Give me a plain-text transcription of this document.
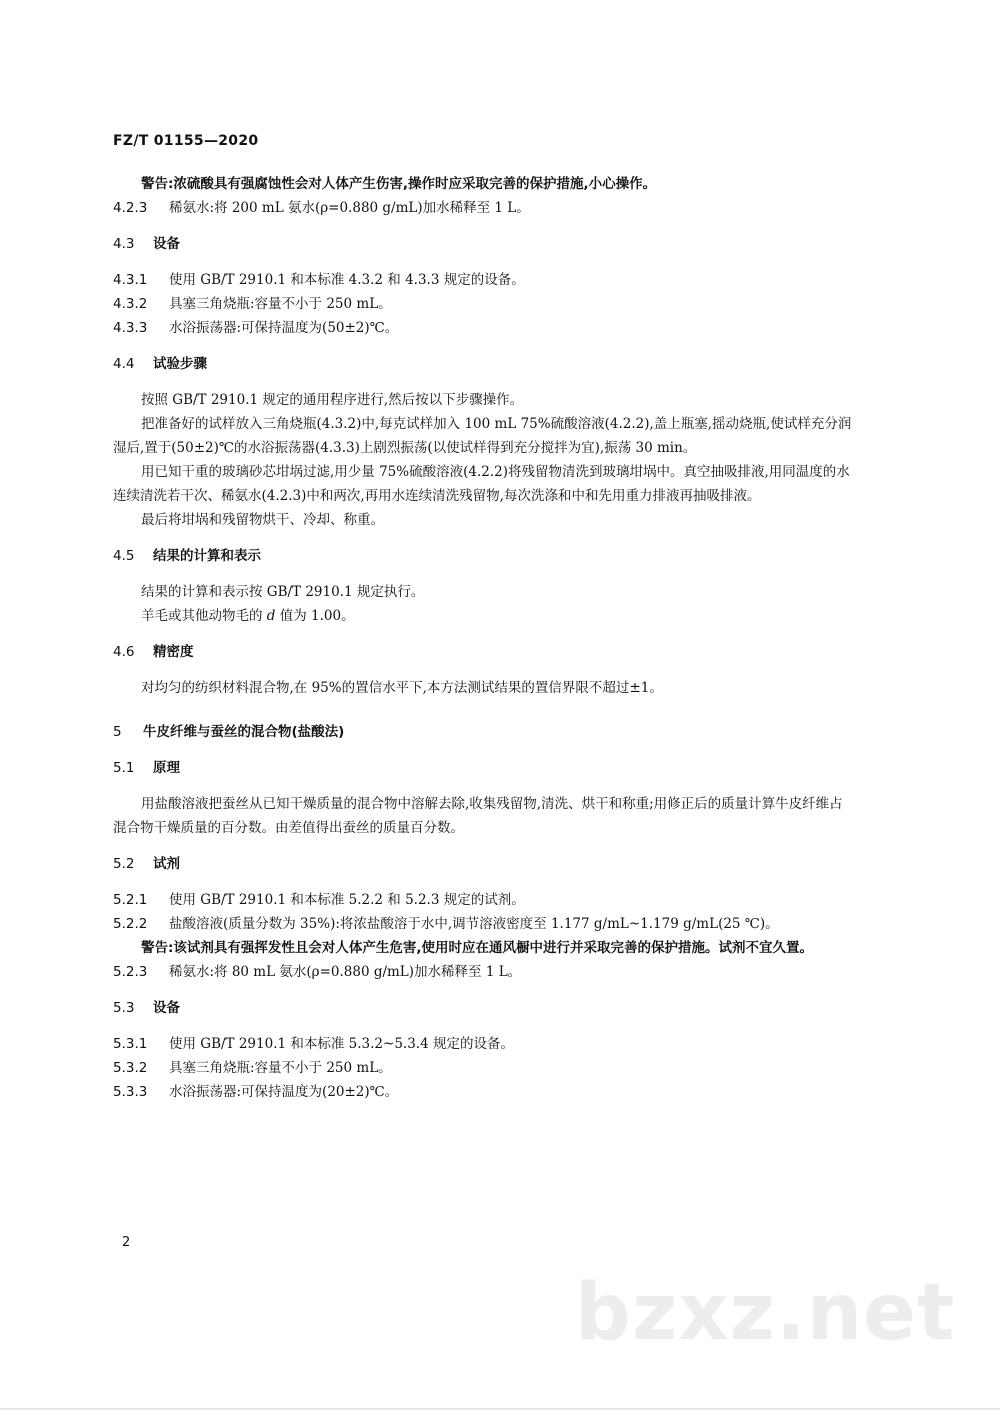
FZ/T 01155—2020

警告:浓硫酸具有强腐蚀性会对人体产生伤害,操作时应采取完善的保护措施,小心操作。

4.2.3 稀氨水:将 200 mL 氨水(ρ=0.880 g/mL)加水稀释至 1 L。

4.3 设备

4.3.1 使用 GB/T 2910.1 和本标准 4.3.2 和 4.3.3 规定的设备。

4.3.2 具塞三角烧瓶:容量不小于 250 mL。

4.3.3 水浴振荡器:可保持温度为(50±2)℃。

4.4 试验步骤

按照 GB/T 2910.1 规定的通用程序进行,然后按以下步骤操作。

把准备好的试样放入三角烧瓶(4.3.2)中,每克试样加入 100 mL 75%硫酸溶液(4.2.2),盖上瓶塞,摇动烧瓶,使试样充分润湿后,置于(50±2)℃的水浴振荡器(4.3.3)上剧烈振荡(以使试样得到充分搅拌为宜),振荡 30 min。

用已知干重的玻璃砂芯坩埚过滤,用少量 75%硫酸溶液(4.2.2)将残留物清洗到玻璃坩埚中。真空抽吸排液,用同温度的水连续清洗若干次、稀氨水(4.2.3)中和两次,再用水连续清洗残留物,每次洗涤和中和先用重力排液再抽吸排液。

最后将坩埚和残留物烘干、冷却、称重。

4.5 结果的计算和表示

结果的计算和表示按 GB/T 2910.1 规定执行。

羊毛或其他动物毛的 d 值为 1.00。

4.6 精密度

对均匀的纺织材料混合物,在 95%的置信水平下,本方法测试结果的置信界限不超过±1。

5 牛皮纤维与蚕丝的混合物(盐酸法)
5.1 原理

用盐酸溶液把蚕丝从已知干燥质量的混合物中溶解去除,收集残留物,清洗、烘干和称重;用修正后的质量计算牛皮纤维占混合物干燥质量的百分数。由差值得出蚕丝的质量百分数。

5.2 试剂

5.2.1 使用 GB/T 2910.1 和本标准 5.2.2 和 5.2.3 规定的试剂。

5.2.2 盐酸溶液(质量分数为 35%):将浓盐酸溶于水中,调节溶液密度至 1.177 g/mL~1.179 g/mL(25 ℃)。

警告:该试剂具有强挥发性且会对人体产生危害,使用时应在通风橱中进行并采取完善的保护措施。试剂不宜久置。

5.2.3 稀氨水:将 80 mL 氨水(ρ=0.880 g/mL)加水稀释至 1 L。

5.3 设备

5.3.1 使用 GB/T 2910.1 和本标准 5.3.2~5.3.4 规定的设备。

5.3.2 具塞三角烧瓶:容量不小于 250 mL。

5.3.3 水浴振荡器:可保持温度为(20±2)℃。

2
bzxz.net
